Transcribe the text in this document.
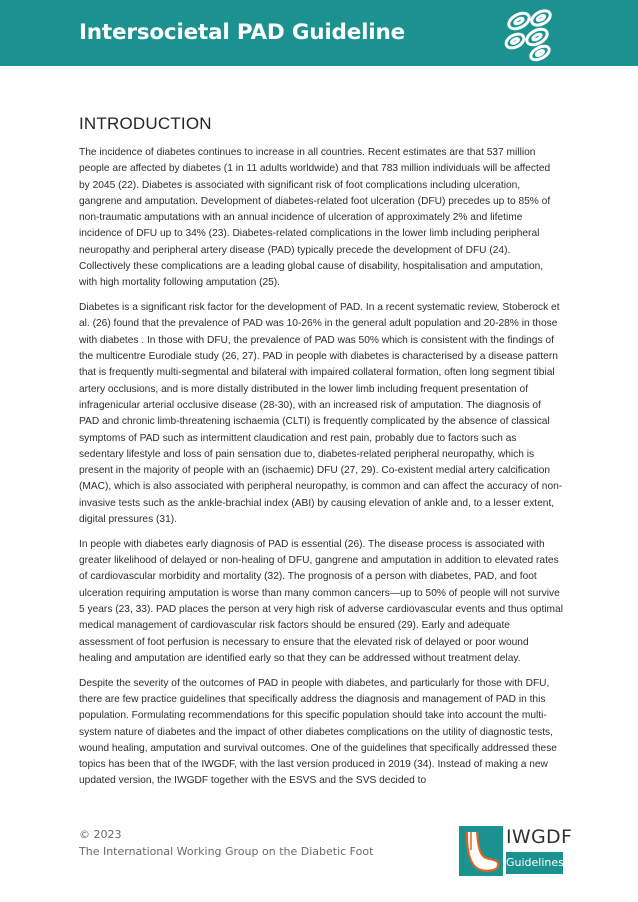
Intersocietal PAD Guideline
INTRODUCTION

The incidence of diabetes continues to increase in all countries. Recent estimates are that 537 million people are affected by diabetes (1 in 11 adults worldwide) and that 783 million individuals will be affected by 2045 (22). Diabetes is associated with significant risk of foot complications including ulceration, gangrene and amputation. Development of diabetes-related foot ulceration (DFU) precedes up to 85% of non-traumatic amputations with an annual incidence of ulceration of approximately 2% and lifetime incidence of DFU up to 34% (23). Diabetes-related complications in the lower limb including peripheral neuropathy and peripheral artery disease (PAD) typically precede the development of DFU (24). Collectively these complications are a leading global cause of disability, hospitalisation and amputation, with high mortality following amputation (25).

Diabetes is a significant risk factor for the development of PAD. In a recent systematic review, Stoberock et al. (26) found that the prevalence of PAD was 10-26% in the general adult population and 20-28% in those with diabetes . In those with DFU, the prevalence of PAD was 50% which is consistent with the findings of the multicentre Eurodiale study (26, 27). PAD in people with diabetes is characterised by a disease pattern that is frequently multi-segmental and bilateral with impaired collateral formation, often long segment tibial artery occlusions, and is more distally distributed in the lower limb including frequent presentation of infragenicular arterial occlusive disease (28-30), with an increased risk of amputation. The diagnosis of PAD and chronic limb-threatening ischaemia (CLTI) is frequently complicated by the absence of classical symptoms of PAD such as intermittent claudication and rest pain, probably due to factors such as sedentary lifestyle and loss of pain sensation due to, diabetes-related peripheral neuropathy, which is present in the majority of people with an (ischaemic) DFU (27, 29). Co-existent medial artery calcification (MAC), which is also associated with peripheral neuropathy, is common and can affect the accuracy of non-invasive tests such as the ankle-brachial index (ABI) by causing elevation of ankle and, to a lesser extent, digital pressures (31).

In people with diabetes early diagnosis of PAD is essential (26). The disease process is associated with greater likelihood of delayed or non-healing of DFU, gangrene and amputation in addition to elevated rates of cardiovascular morbidity and mortality (32). The prognosis of a person with diabetes, PAD, and foot ulceration requiring amputation is worse than many common cancers—up to 50% of people will not survive 5 years (23, 33). PAD places the person at very high risk of adverse cardiovascular events and thus optimal medical management of cardiovascular risk factors should be ensured (29). Early and adequate assessment of foot perfusion is necessary to ensure that the elevated risk of delayed or poor wound healing and amputation are identified early so that they can be addressed without treatment delay.

Despite the severity of the outcomes of PAD in people with diabetes, and particularly for those with DFU, there are few practice guidelines that specifically address the diagnosis and management of PAD in this population. Formulating recommendations for this specific population should take into account the multi-system nature of diabetes and the impact of other diabetes complications on the utility of diagnostic tests, wound healing, amputation and survival outcomes. One of the guidelines that specifically addressed these topics has been that of the IWGDF, with the last version produced in 2019 (34). Instead of making a new updated version, the IWGDF together with the ESVS and the SVS decided to

© 2023
The International Working Group on the Diabetic Foot
IWGDF
Guidelines
